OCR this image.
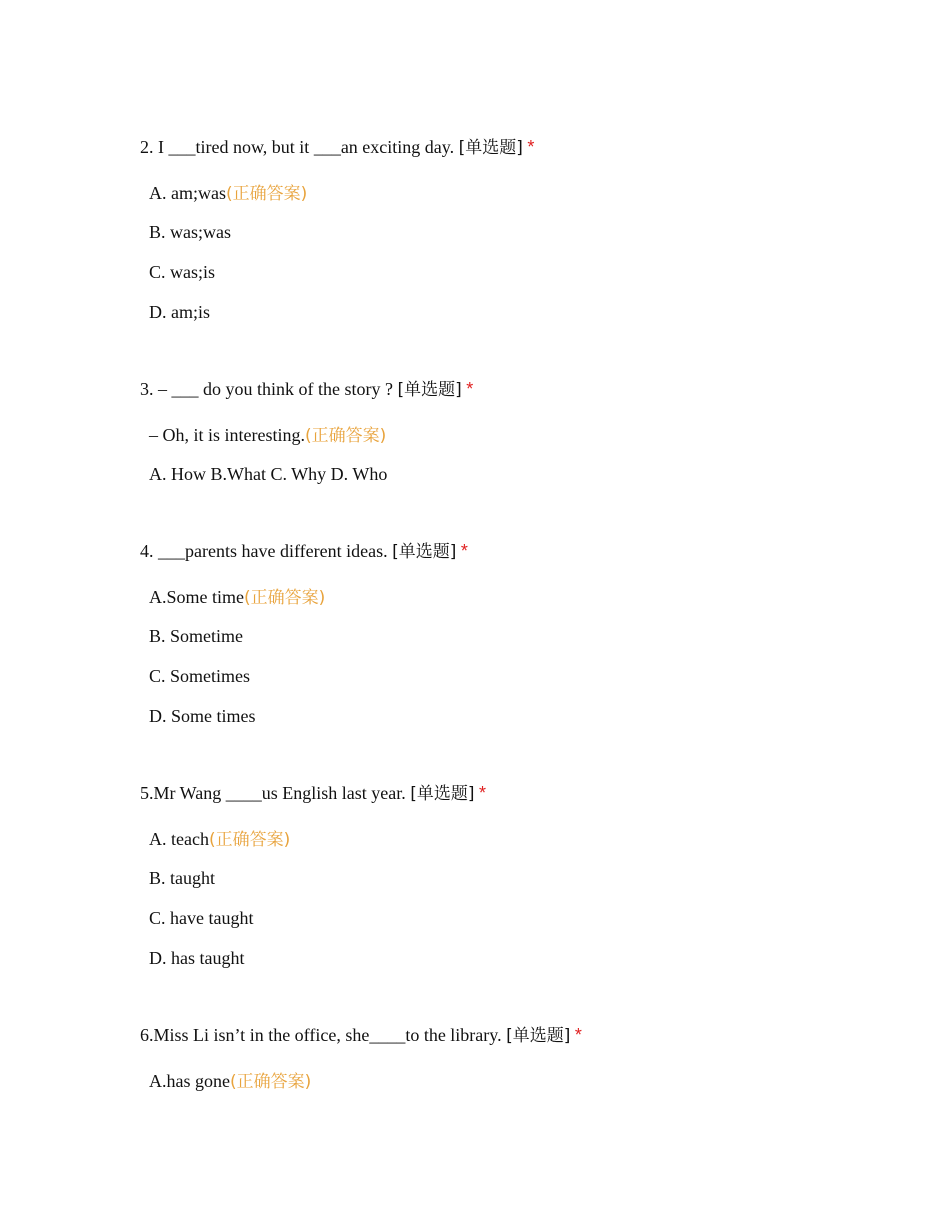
2. I ___tired now, but it ___an exciting day. [单选题] *
A. am;was(正确答案)
B. was;was
C. was;is
D. am;is
3. – ___ do you think of the story ? [单选题] *
– Oh, it is interesting.(正确答案)
A. How B.What C. Why D. Who
4. ___parents have different ideas. [单选题] *
A.Some time(正确答案)
B. Sometime
C. Sometimes
D. Some times
5.Mr Wang ____us English last year. [单选题] *
A. teach(正确答案)
B. taught
C. have taught
D. has taught
6.Miss Li isn’t in the office, she____to the library. [单选题] *
A.has gone(正确答案)
